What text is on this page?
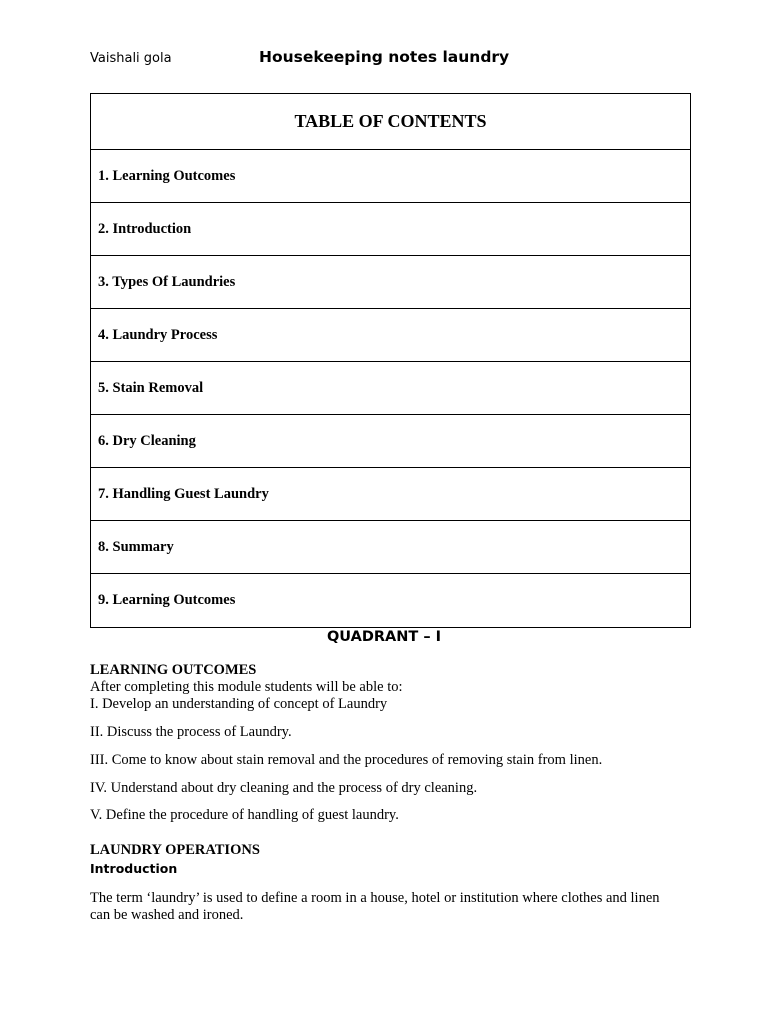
Vaishali gola	Housekeeping notes laundry
TABLE OF CONTENTS
1. Learning Outcomes
2. Introduction
3. Types Of Laundries
4. Laundry Process
5. Stain Removal
6. Dry Cleaning
7. Handling Guest Laundry
8. Summary
9. Learning Outcomes
QUADRANT – I
LEARNING OUTCOMES
After completing this module students will be able to:
I. Develop an understanding of concept of Laundry
II. Discuss the process of Laundry.
III. Come to know about stain removal and the procedures of removing stain from linen.
IV. Understand about dry cleaning and the process of dry cleaning.
V. Define the procedure of handling of guest laundry.
LAUNDRY OPERATIONS
Introduction
The term ‘laundry’ is used to define a room in a house, hotel or institution where clothes and linen can be washed and ironed.
